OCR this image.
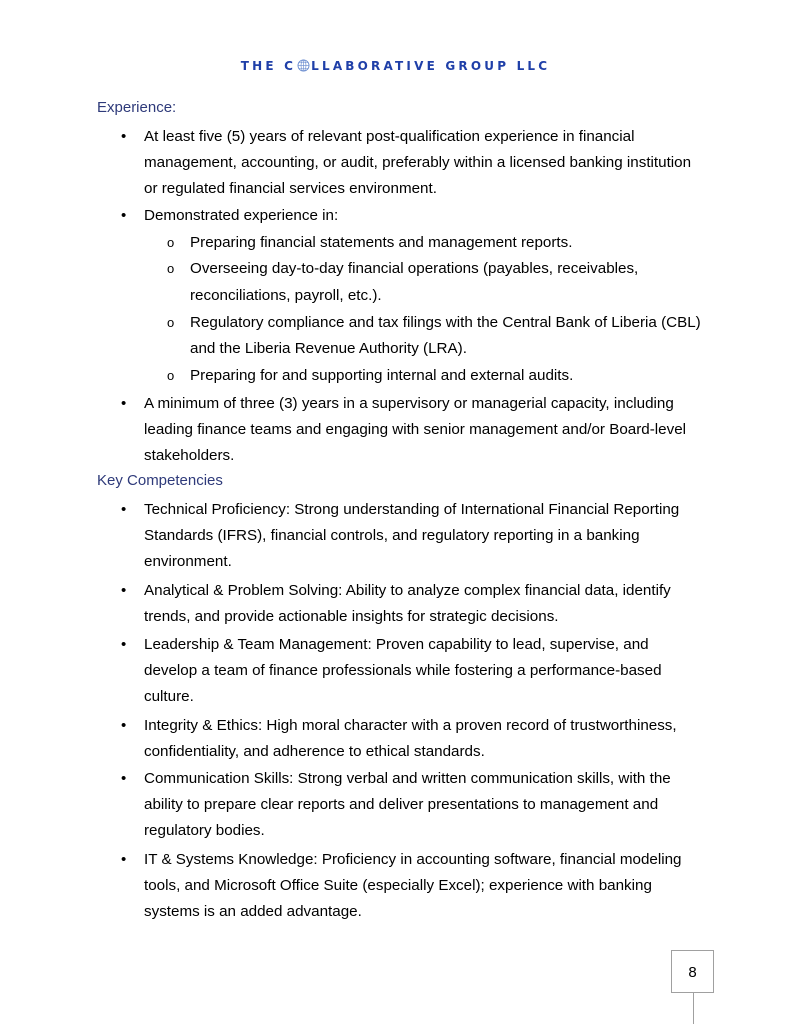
THE C LLABORATIVE GROUP LLC
Experience:
• At least five (5) years of relevant post-qualification experience in financial
management, accounting, or audit, preferably within a licensed banking institution
or regulated financial services environment.
• Demonstrated experience in:
o Preparing financial statements and management reports.
o Overseeing day-to-day financial operations (payables, receivables,
reconciliations, payroll, etc.).
o Regulatory compliance and tax filings with the Central Bank of Liberia (CBL)
and the Liberia Revenue Authority (LRA).
o Preparing for and supporting internal and external audits.
• A minimum of three (3) years in a supervisory or managerial capacity, including
leading finance teams and engaging with senior management and/or Board-level
stakeholders.
Key Competencies
• Technical Proficiency: Strong understanding of International Financial Reporting
Standards (IFRS), financial controls, and regulatory reporting in a banking
environment.
• Analytical & Problem Solving: Ability to analyze complex financial data, identify
trends, and provide actionable insights for strategic decisions.
• Leadership & Team Management: Proven capability to lead, supervise, and
develop a team of finance professionals while fostering a performance-based
culture.
• Integrity & Ethics: High moral character with a proven record of trustworthiness,
confidentiality, and adherence to ethical standards.
• Communication Skills: Strong verbal and written communication skills, with the
ability to prepare clear reports and deliver presentations to management and
regulatory bodies.
• IT & Systems Knowledge: Proficiency in accounting software, financial modeling
tools, and Microsoft Office Suite (especially Excel); experience with banking
systems is an added advantage.
8
